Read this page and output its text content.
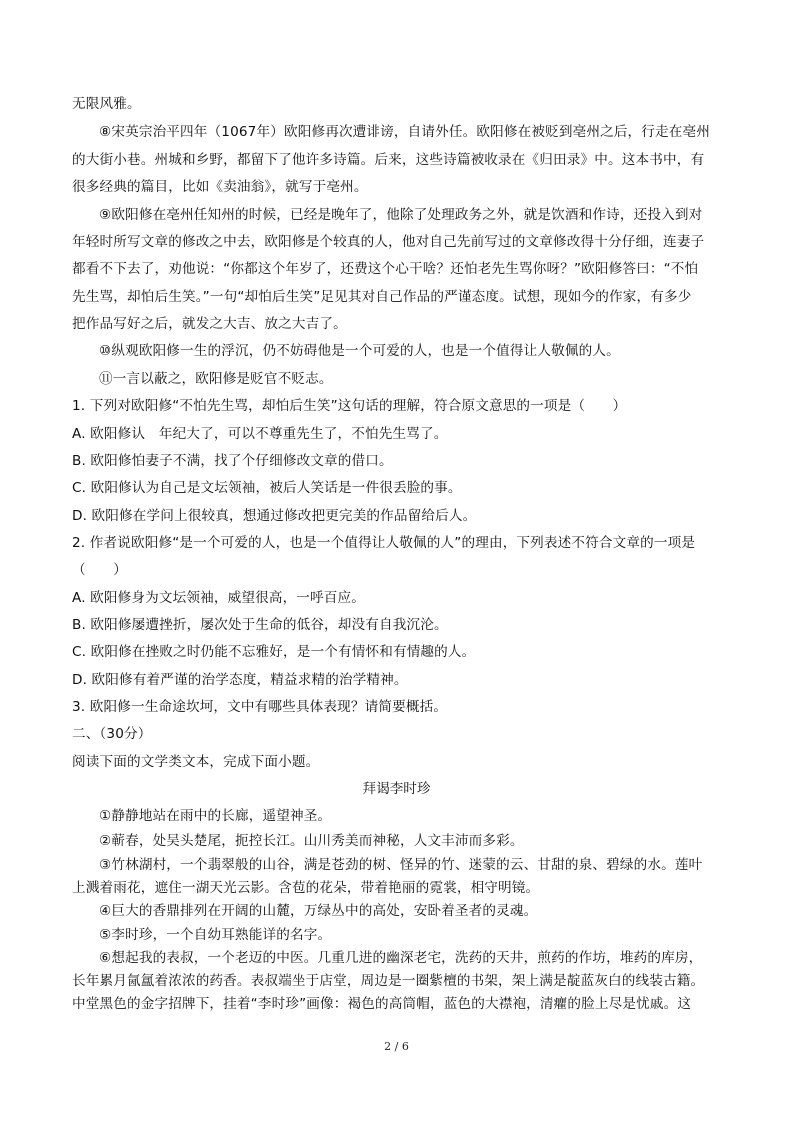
无限风雅。
⑧宋英宗治平四年（1067年）欧阳修再次遭诽谤，自请外任。欧阳修在被贬到亳州之后，行走在亳州
的大街小巷。州城和乡野，都留下了他许多诗篇。后来，这些诗篇被收录在《归田录》中。这本书中，有
很多经典的篇目，比如《卖油翁》，就写于亳州。
⑨欧阳修在亳州任知州的时候，已经是晚年了，他除了处理政务之外，就是饮酒和作诗，还投入到对
年轻时所写文章的修改之中去，欧阳修是个较真的人，他对自己先前写过的文章修改得十分仔细，连妻子
都看不下去了，劝他说：“你都这个年岁了，还费这个心干啥？还怕老先生骂你呀？”欧阳修答曰：“不怕
先生骂，却怕后生笑。”一句“却怕后生笑”足见其对自己作品的严谨态度。试想，现如今的作家，有多少
把作品写好之后，就发之大吉、放之大吉了。
⑩纵观欧阳修一生的浮沉，仍不妨碍他是一个可爱的人，也是一个值得让人敬佩的人。
⑪一言以蔽之，欧阳修是贬官不贬志。
1. 下列对欧阳修“不怕先生骂，却怕后生笑”这句话的理解，符合原文意思的一项是（　　）
A. 欧阳修认　年纪大了，可以不尊重先生了，不怕先生骂了。
B. 欧阳修怕妻子不满，找了个仔细修改文章的借口。
C. 欧阳修认为自己是文坛领袖，被后人笑话是一件很丢脸的事。
D. 欧阳修在学问上很较真，想通过修改把更完美的作品留给后人。
2. 作者说欧阳修“是一个可爱的人，也是一个值得让人敬佩的人”的理由，下列表述不符合文章的一项是
（　　）
A. 欧阳修身为文坛领袖，威望很高，一呼百应。
B. 欧阳修屡遭挫折，屡次处于生命的低谷，却没有自我沉沦。
C. 欧阳修在挫败之时仍能不忘雅好，是一个有情怀和有情趣的人。
D. 欧阳修有着严谨的治学态度，精益求精的治学精神。
3. 欧阳修一生命途坎坷，文中有哪些具体表现？请简要概括。
二、（30分）
阅读下面的文学类文本，完成下面小题。
拜谒李时珍
①静静地站在雨中的长廊，遥望神圣。
②蕲春，处吴头楚尾，扼控长江。山川秀美而神秘，人文丰沛而多彩。
③竹林湖村，一个翡翠般的山谷，满是苍劲的树、怪异的竹、迷蒙的云、甘甜的泉、碧绿的水。莲叶
上溅着雨花，遮住一湖天光云影。含苞的花朵，带着艳丽的霓裳，相守明镜。
④巨大的香鼎排列在开阔的山麓，万绿丛中的高处，安卧着圣者的灵魂。
⑤李时珍，一个自幼耳熟能详的名字。
⑥想起我的表叔，一个老迈的中医。几重几进的幽深老宅，洗药的天井，煎药的作坊，堆药的库房，
长年累月氤氲着浓浓的药香。表叔端坐于店堂，周边是一圈紫檀的书架，架上满是靛蓝灰白的线装古籍。
中堂黑色的金字招牌下，挂着“李时珍”画像：褐色的高筒帽，蓝色的大襟袍，清癯的脸上尽是忧戚。这
2 / 6
